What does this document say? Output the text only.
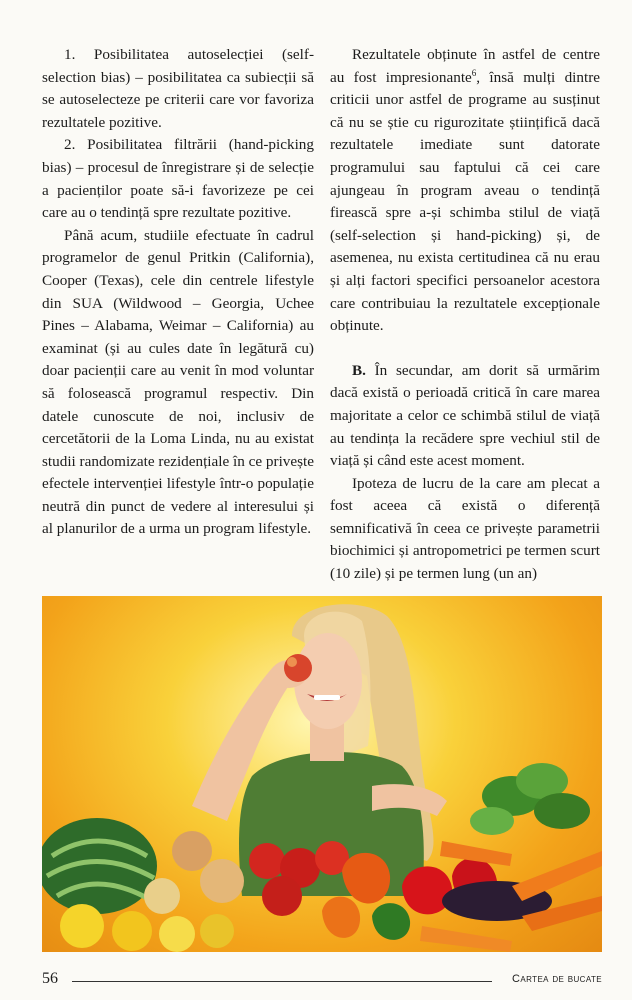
1. Posibilitatea autoselecției (self-selection bias) – posibilitatea ca subiecții să se autoselecteze pe criterii care vor favoriza rezultatele pozitive.

2. Posibilitatea filtrării (hand-picking bias) – procesul de înregistrare și de selecție a pacienților poate să-i favorizeze pe cei care au o tendință spre rezultate pozitive.

Până acum, studiile efectuate în cadrul programelor de genul Pritkin (California), Cooper (Texas), cele din centrele lifestyle din SUA (Wildwood – Georgia, Uchee Pines – Alabama, Weimar – California) au examinat (și au cules date în legătură cu) doar pacienții care au venit în mod voluntar să folosească programul respectiv. Din datele cunoscute de noi, inclusiv de cercetătorii de la Loma Linda, nu au existat studii randomizate rezidențiale în ce privește efectele intervenției lifestyle într-o populație neutră din punct de vedere al interesului și al planurilor de a urma un program lifestyle.

Rezultatele obținute în astfel de centre au fost impresionante$^6$, însă mulți dintre criticii unor astfel de programe au susținut că nu se știe cu rigurozitate științifică dacă rezultatele imediate sunt datorate programului sau faptului că cei care ajungeau în program aveau o tendință firească spre a-și schimba stilul de viață (self-selection și hand-picking) și, de asemenea, nu exista certitudinea că nu erau și alți factori specifici persoanelor acestora care contribuiau la rezultatele excepționale obținute.

B. În secundar, am dorit să urmărim dacă există o perioadă critică în care marea majoritate a celor ce schimbă stilul de viață au tendința la recădere spre vechiul stil de viață și când este acest moment.

Ipoteza de lucru de la care am plecat a fost aceea că există o diferență semnificativă în ceea ce privește parametrii biochimici și antropometrici pe termen scurt (10 zile) și pe termen lung (un an)

56	Cartea de bucate
